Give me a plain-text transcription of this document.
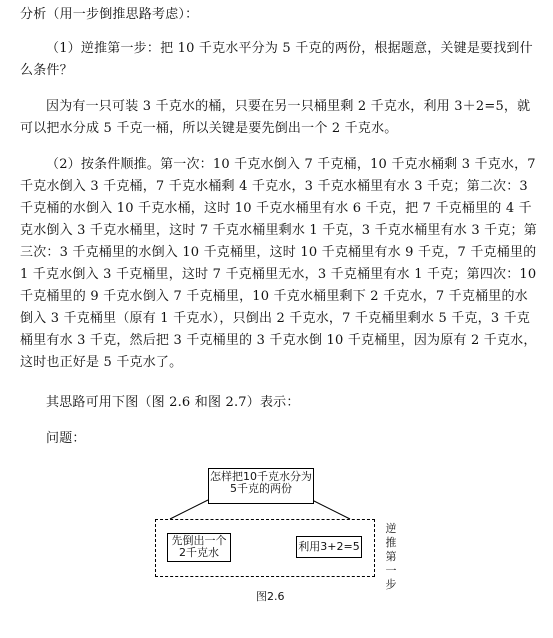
分析（用一步倒推思路考虑）：
（1）逆推第一步：把 10 千克水平分为 5 千克的两份，根据题意，关键是要找到什么条件？
因为有一只可装 3 千克水的桶，只要在另一只桶里剩 2 千克水，利用 3＋2=5，就可以把水分成 5 千克一桶，所以关键是要先倒出一个 2 千克水。
（2）按条件顺推。第一次：10 千克水倒入 7 千克桶，10 千克水桶剩 3 千克水，7 千克水倒入 3 千克桶，7 千克水桶剩 4 千克水，3 千克水桶里有水 3 千克；第二次：3 千克桶的水倒入 10 千克水桶，这时 10 千克水桶里有水 6 千克，把 7 千克桶里的 4 千克水倒入 3 千克水桶里，这时 7 千克水桶里剩水 1 千克，3 千克水桶里有水 3 千克；第三次：3 千克桶里的水倒入 10 千克桶里，这时 10 千克桶里有水 9 千克，7 千克桶里的 1 千克水倒入 3 千克桶里，这时 7 千克桶里无水，3 千克桶里有水 1 千克；第四次：10 千克桶里的 9 千克水倒入 7 千克桶里，10 千克水桶里剩下 2 千克水，7 千克桶里的水倒入 3 千克桶里（原有 1 千克水），只倒出 2 千克水，7 千克桶里剩水 5 千克，3 千克桶里有水 3 千克，然后把 3 千克桶里的 3 千克水倒 10 千克桶里，因为原有 2 千克水，这时也正好是 5 千克水了。
其思路可用下图（图 2.6 和图 2.7）表示：
问题：
怎样把10千克水分为
5千克的两份
先倒出一个
2千克水	利用3+2=5
逆推第一步
图2.6
